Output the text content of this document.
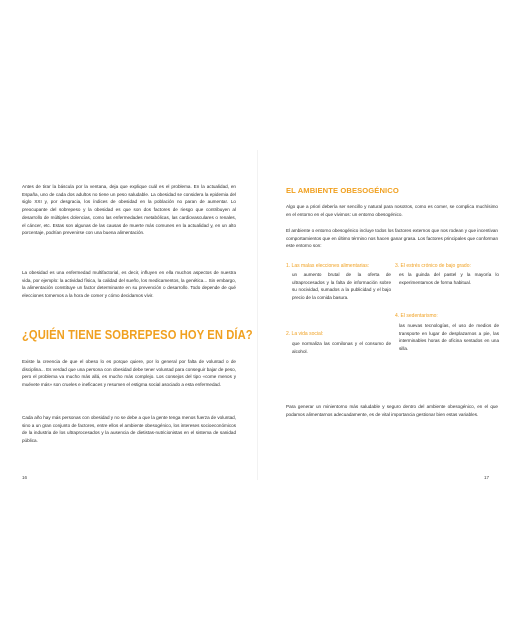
Antes de tirar la báscula por la ventana, deja que explique cuál es el problema. En la actualidad, en España, uno de cada dos adultos no tiene un peso saludable. La obesidad se considera la epidemia del siglo XXI y, por desgracia, los índices de obesidad en la población no paran de aumentar. Lo preocupante del sobrepeso y la obesidad es que son dos factores de riesgo que contribuyen al desarrollo de múltiples dolencias, como las enfermedades metabólicas, las cardiovasculares o renales, el cáncer, etc. Estas son algunas de las causas de muerte más comunes en la actualidad y, en un alto porcentaje, podrían prevenirse con una buena alimentación.

La obesidad es una enfermedad multifactorial, es decir, influyen en ella muchos aspectos de nuestra vida, por ejemplo: la actividad física, la calidad del sueño, los medicamentos, la genética... Sin embargo, la alimentación constituye un factor determinante en su prevención o desarrollo. Todo depende de qué elecciones tomemos a la hora de comer y cómo decidamos vivir.

¿QUIÉN TIENE SOBREPESO HOY EN DÍA?

Existe la creencia de que el obeso lo es porque quiere, por lo general por falta de voluntad o de disciplina... Es verdad que una persona con obesidad debe tener voluntad para conseguir bajar de peso, pero el problema va mucho más allá, es mucho más complejo. Los consejos del tipo «come menos y muévete más» son crueles e ineficaces y resumen el estigma social asociado a esta enfermedad.

Cada año hay más personas con obesidad y no se debe a que la gente tenga menos fuerza de voluntad, sino a un gran conjunto de factores, entre ellos el ambiente obesogénico, los intereses socioeconómicos de la industria de los ultraprocesados y la ausencia de dietistas-nutricionistas en el sistema de sanidad pública.

16

EL AMBIENTE OBESOGÉNICO

Algo que a priori debería ser sencillo y natural para nosotros, como es comer, se complica muchísimo en el entorno en el que vivimos: un entorno obesogénico.

El ambiente o entorno obesogénico incluye todos los factores externos que nos rodean y que incentivan comportamientos que en último término nos hacen ganar grasa. Los factores principales que conforman este entorno son:

1. Las malas elecciones alimentarias:

un aumento brutal de la oferta de ultraprocesados y la falta de información sobre su nocividad, sumados a la publicidad y el bajo precio de la comida basura.

2. La vida social:

que normaliza las comilonas y el consumo de alcohol.

3. El estrés crónico de bajo grado:

es la guinda del pastel y la mayoría lo experimentamos de forma habitual.

4. El sedentarismo:

las nuevas tecnologías, el uso de medios de transporte en lugar de desplazarnos a pie, las interminables horas de oficina sentados en una silla.

Para generar un minientorno más saludable y seguro dentro del ambiente obesogénico, en el que podamos alimentarnos adecuadamente, es de vital importancia gestionar bien estas variables.

17
